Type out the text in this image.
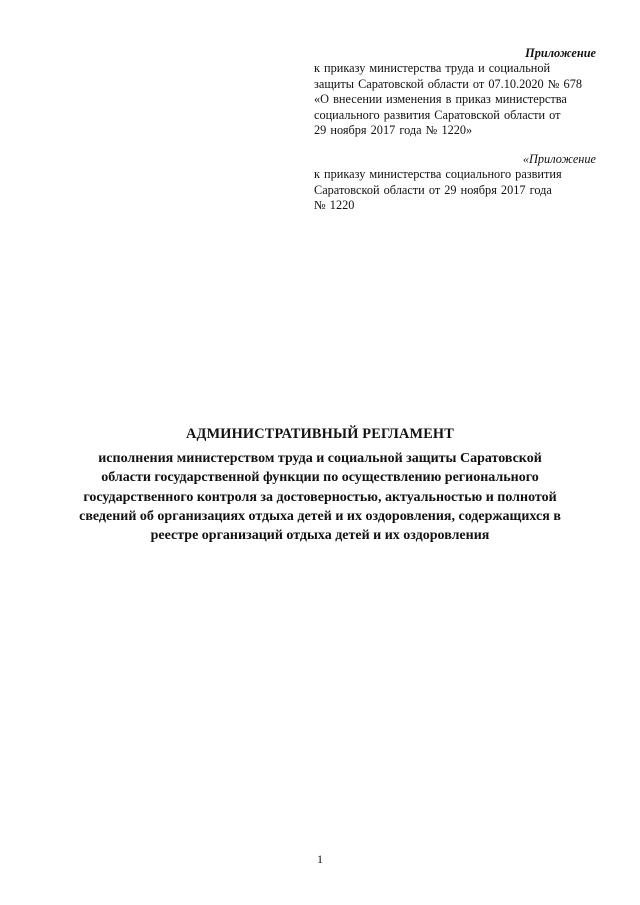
Приложение
к приказу министерства труда и социальной
защиты Саратовской области от 07.10.2020 № 678
«О внесении изменения в приказ министерства
социального развития Саратовской области от
29 ноября 2017 года № 1220»
«Приложение
к приказу министерства социального развития
Саратовской области от 29 ноября 2017 года
№ 1220
АДМИНИСТРАТИВНЫЙ РЕГЛАМЕНТ
исполнения министерством труда и социальной защиты Саратовской
области государственной функции по осуществлению регионального
государственного контроля за достоверностью, актуальностью и полнотой
сведений об организациях отдыха детей и их оздоровления, содержащихся в
реестре организаций отдыха детей и их оздоровления
1
